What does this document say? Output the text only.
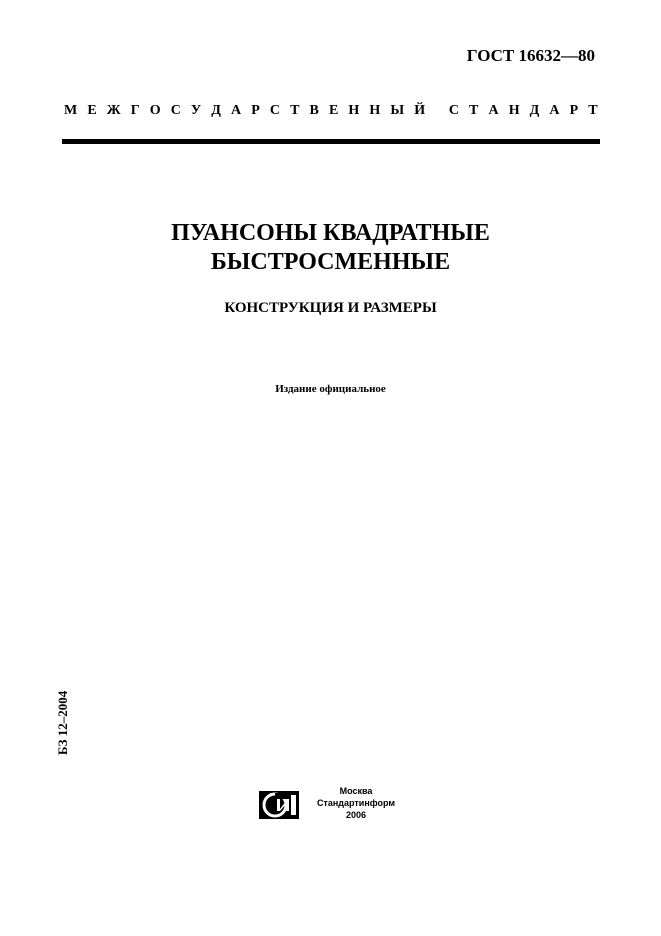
ГОСТ 16632—80
М Е Ж Г О С У Д А Р С Т В Е Н Н Ы Й
С Т А Н Д А Р Т
ПУАНСОНЫ КВАДРАТНЫЕ
БЫСТРОСМЕННЫЕ
КОНСТРУКЦИЯ И РАЗМЕРЫ
Издание официальное
БЗ 12–2004
Москва
Стандартинформ
2006
